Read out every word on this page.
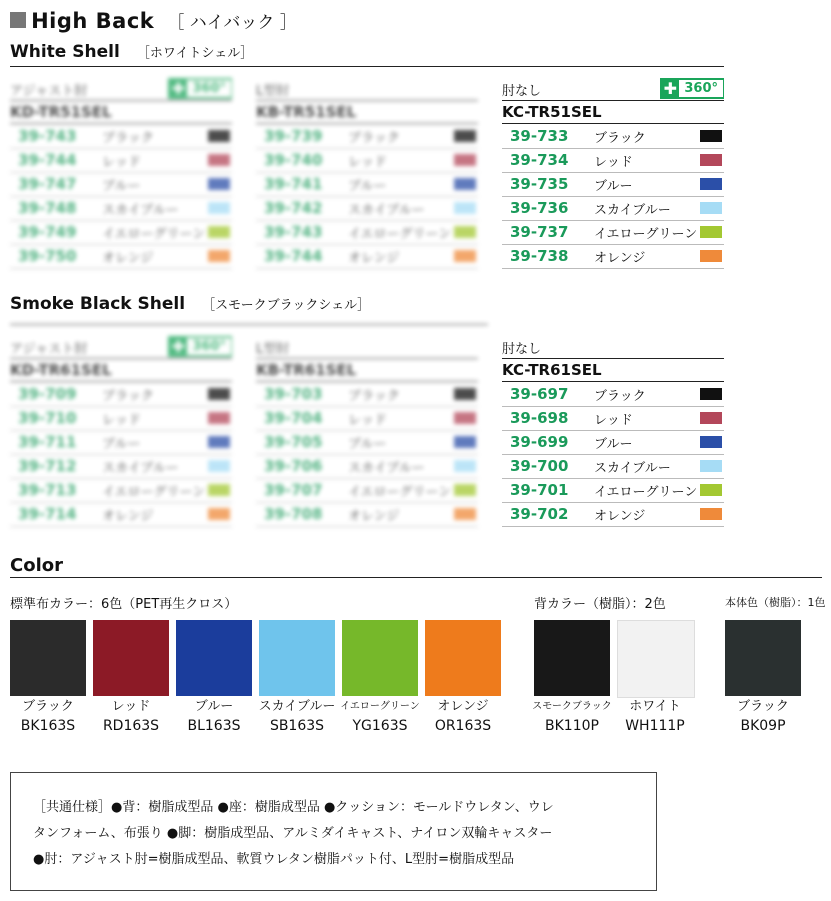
High Back ［ ハイバック ］
White Shell ［ホワイトシェル］
アジャスト肘	✚ 360°
KD-TR51SEL
39-743	ブラック
39-744	レッド
39-747	ブルー
39-748	スカイブルー
39-749	イエローグリーン
39-750	オレンジ
L型肘
KB-TR51SEL
39-739	ブラック
39-740	レッド
39-741	ブルー
39-742	スカイブルー
39-743	イエローグリーン
39-744	オレンジ
肘なし	✚ 360°
KC-TR51SEL
39-733	ブラック
39-734	レッド
39-735	ブルー
39-736	スカイブルー
39-737	イエローグリーン
39-738	オレンジ
Smoke Black Shell ［スモークブラックシェル］
アジャスト肘	✚ 360°
KD-TR61SEL
39-709	ブラック
39-710	レッド
39-711	ブルー
39-712	スカイブルー
39-713	イエローグリーン
39-714	オレンジ
L型肘
KB-TR61SEL
39-703	ブラック
39-704	レッド
39-705	ブルー
39-706	スカイブルー
39-707	イエローグリーン
39-708	オレンジ
肘なし
KC-TR61SEL
39-697	ブラック
39-698	レッド
39-699	ブルー
39-700	スカイブルー
39-701	イエローグリーン
39-702	オレンジ
Color
標準布カラー：6色（PET再生クロス）	背カラー（樹脂）：2色	本体色（樹脂）：1色
ブラック
BK163S
レッド
RD163S
ブルー
BL163S
スカイブルー
SB163S
イエローグリーン
YG163S
オレンジ
OR163S
スモークブラック
BK110P
ホワイト
WH111P
ブラック
BK09P

［共通仕様］●背：樹脂成型品 ●座：樹脂成型品 ●クッション：モールドウレタン、ウレ

タンフォーム、布張り ●脚：樹脂成型品、アルミダイキャスト、ナイロン双輪キャスター

●肘：アジャスト肘=樹脂成型品、軟質ウレタン樹脂パット付、L型肘=樹脂成型品
